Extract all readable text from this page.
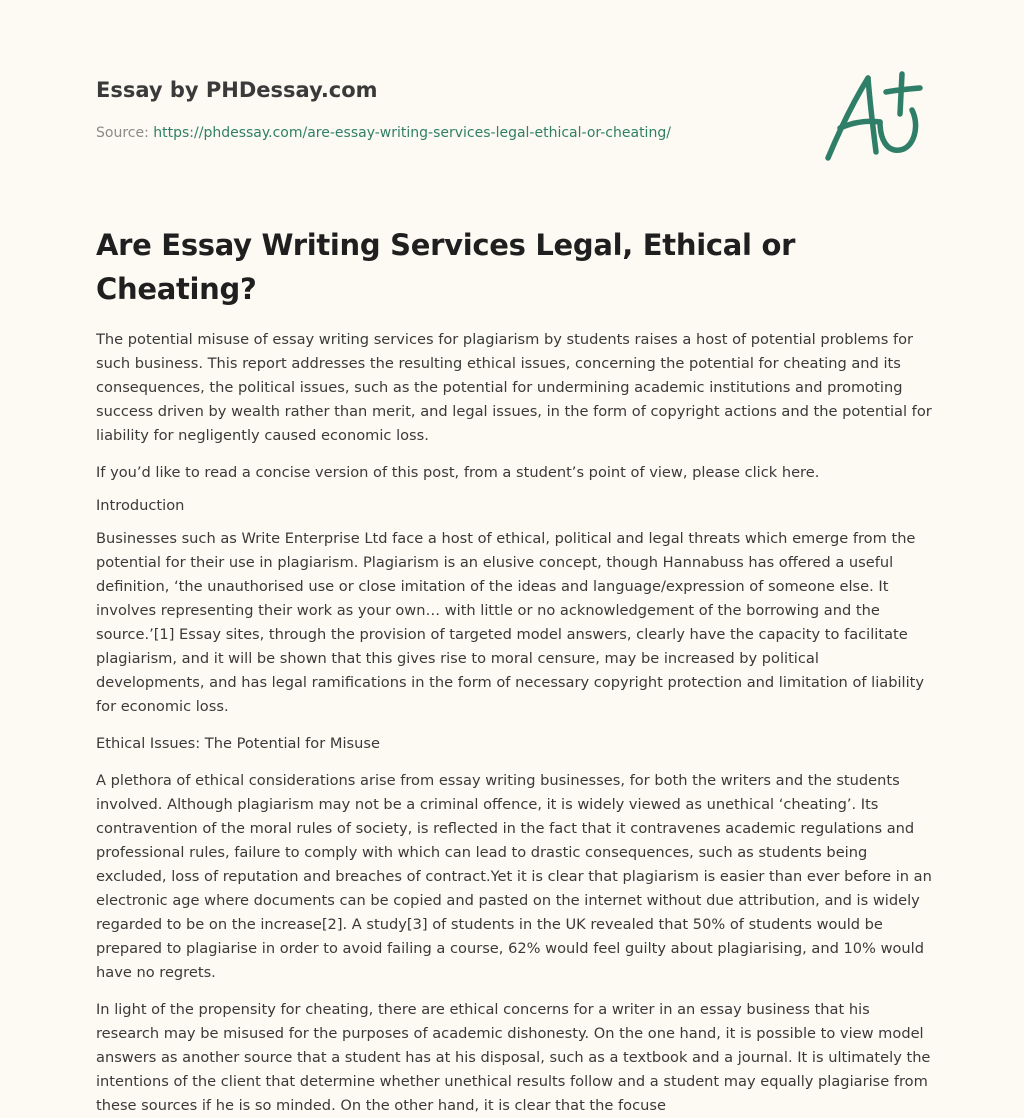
Essay by PHDessay.com
Source: https://phdessay.com/are-essay-writing-services-legal-ethical-or-cheating/
Are Essay Writing Services Legal, Ethical or Cheating?

The potential misuse of essay writing services for plagiarism by students raises a host of potential problems for such business. This report addresses the resulting ethical issues, concerning the potential for cheating and its consequences, the political issues, such as the potential for undermining academic institutions and promoting success driven by wealth rather than merit, and legal issues, in the form of copyright actions and the potential for liability for negligently caused economic loss.

If you’d like to read a concise version of this post, from a student’s point of view, please click here.

Introduction

Businesses such as Write Enterprise Ltd face a host of ethical, political and legal threats which emerge from the potential for their use in plagiarism. Plagiarism is an elusive concept, though Hannabuss has offered a useful definition, ‘the unauthorised use or close imitation of the ideas and language/expression of someone else. It involves representing their work as your own… with little or no acknowledgement of the borrowing and the source.’[1] Essay sites, through the provision of targeted model answers, clearly have the capacity to facilitate plagiarism, and it will be shown that this gives rise to moral censure, may be increased by political developments, and has legal ramifications in the form of necessary copyright protection and limitation of liability for economic loss.

Ethical Issues: The Potential for Misuse

A plethora of ethical considerations arise from essay writing businesses, for both the writers and the students involved. Although plagiarism may not be a criminal offence, it is widely viewed as unethical ‘cheating’. Its contravention of the moral rules of society, is reflected in the fact that it contravenes academic regulations and professional rules, failure to comply with which can lead to drastic consequences, such as students being excluded, loss of reputation and breaches of contract.Yet it is clear that plagiarism is easier than ever before in an electronic age where documents can be copied and pasted on the internet without due attribution, and is widely regarded to be on the increase[2]. A study[3] of students in the UK revealed that 50% of students would be prepared to plagiarise in order to avoid failing a course, 62% would feel guilty about plagiarising, and 10% would have no regrets.

In light of the propensity for cheating, there are ethical concerns for a writer in an essay business that his research may be misused for the purposes of academic dishonesty. On the one hand, it is possible to view model answers as another source that a student has at his disposal, such as a textbook and a journal. It is ultimately the intentions of the client that determine whether unethical results follow and a student may equally plagiarise from these sources if he is so minded. On the other hand, it is clear that the focuse
